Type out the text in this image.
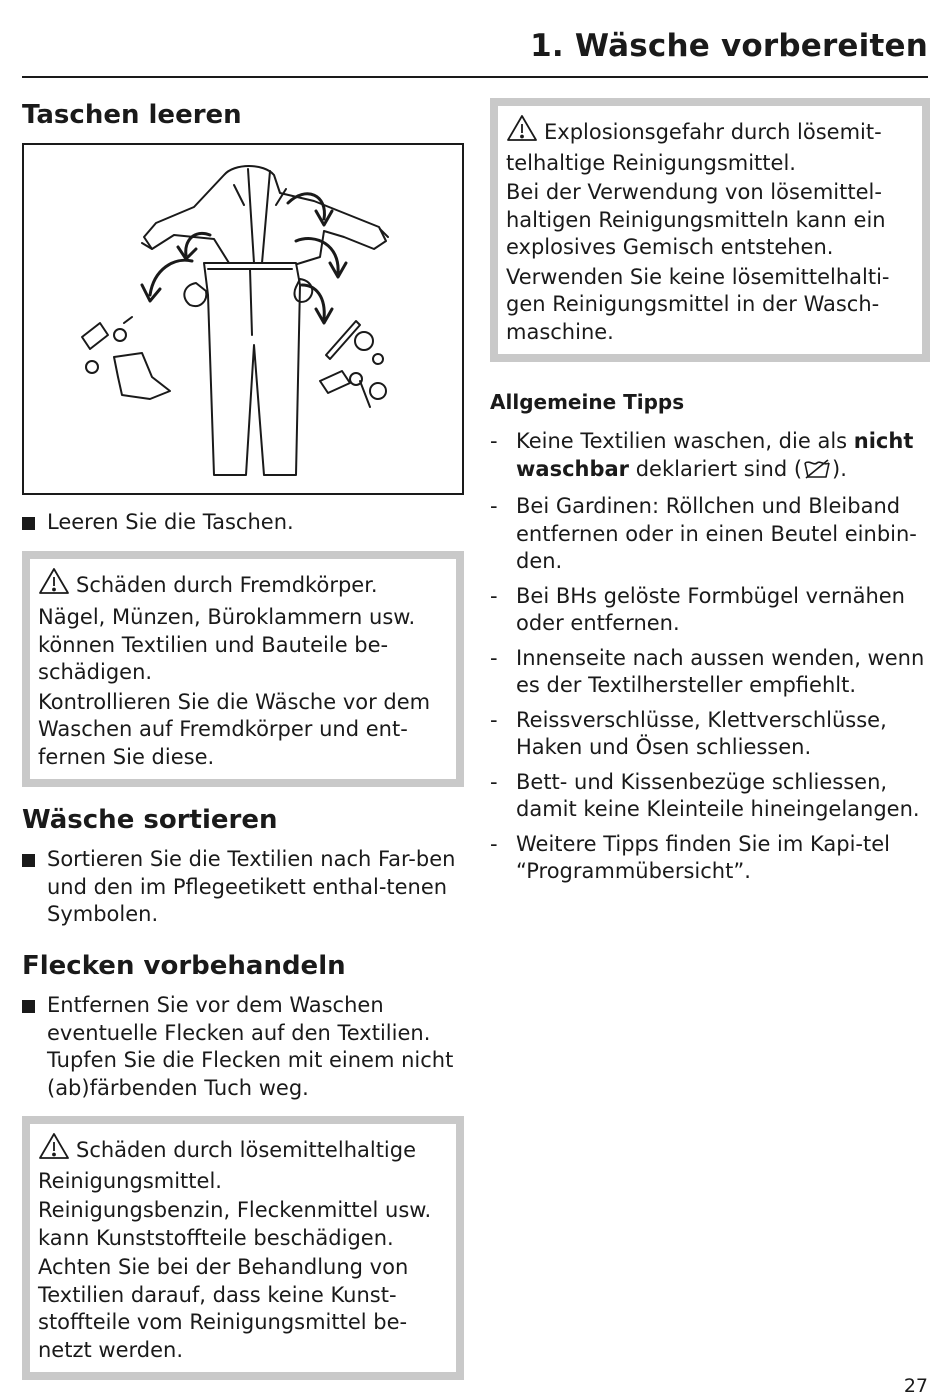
1. Wäsche vorbereiten
Taschen leeren
Leeren Sie die Taschen.

Schäden durch Fremdkörper.

Nägel, Münzen, Büroklammern usw. können Textilien und Bauteile be-schädigen.

Kontrollieren Sie die Wäsche vor dem Waschen auf Fremdkörper und ent-fernen Sie diese.

Wäsche sortieren
Sortieren Sie die Textilien nach Far-ben und den im Pflegeetikett enthal-tenen Symbolen.
Flecken vorbehandeln
Entfernen Sie vor dem Waschen eventuelle Flecken auf den Textilien. Tupfen Sie die Flecken mit einem nicht (ab)färbenden Tuch weg.

Schäden durch lösemittelhaltige Reinigungsmittel.

Reinigungsbenzin, Fleckenmittel usw. kann Kunststoffteile beschädigen.

Achten Sie bei der Behandlung von Textilien darauf, dass keine Kunst-stoffteile vom Reinigungsmittel be-netzt werden.

Explosionsgefahr durch lösemit-telhaltige Reinigungsmittel.

Bei der Verwendung von lösemittel-haltigen Reinigungsmitteln kann ein explosives Gemisch entstehen.

Verwenden Sie keine lösemittelhalti-gen Reinigungsmittel in der Wasch-maschine.

Allgemeine Tipps
- Keine Textilien waschen, die als nicht waschbar deklariert sind ( ).
- Bei Gardinen: Röllchen und Bleiband entfernen oder in einen Beutel einbin-den.
- Bei BHs gelöste Formbügel vernähen oder entfernen.
- Innenseite nach aussen wenden, wenn es der Textilhersteller empfiehlt.
- Reissverschlüsse, Klettverschlüsse, Haken und Ösen schliessen.
- Bett- und Kissenbezüge schliessen, damit keine Kleinteile hineingelangen.
- Weitere Tipps finden Sie im Kapi-tel “Programmübersicht”.
27
